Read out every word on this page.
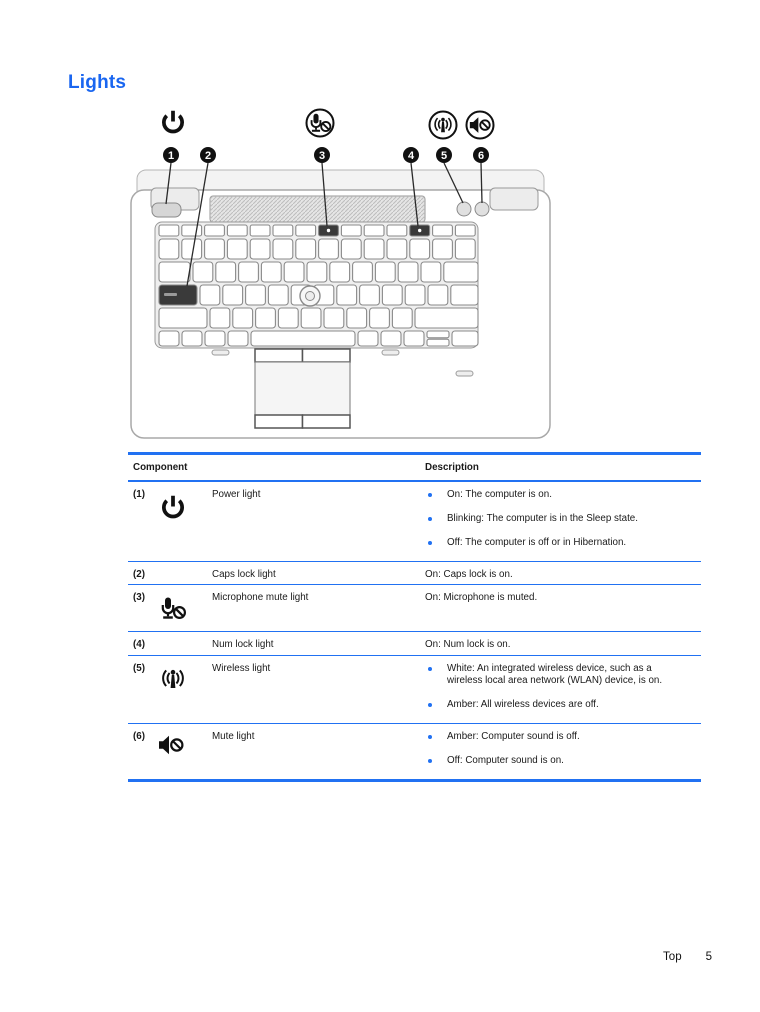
Lights
1	2	3	4 5	6
Component	Description
(1)	Power light	On: The computer is on.
Blinking: The computer is in the Sleep state.
Off: The computer is off or in Hibernation.
(2)	Caps lock light	On: Caps lock is on.
(3)	Microphone mute light	On: Microphone is muted.
(4)	Num lock light	On: Num lock is on.
(5)	Wireless light	White: An integrated wireless device, such as a wireless local area network (WLAN) device, is on.
Amber: All wireless devices are off.
(6)	Mute light	Amber: Computer sound is off.
Off: Computer sound is on.
Top 5
